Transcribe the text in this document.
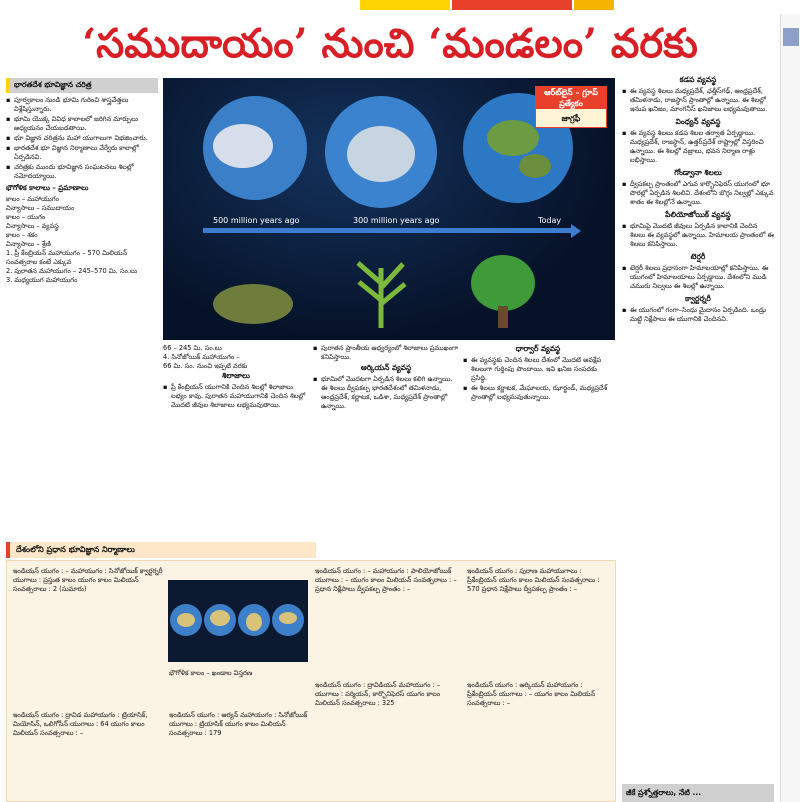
‘సముదాయం’ నుంచి ‘మండలం’ వరకు
భారతదేశ భూవిజ్ఞాన చరిత్ర

▪ పూర్వకాలం నుండి భూమి గురించి శాస్త్రవేత్తలు విశ్లేషిస్తున్నారు.

▪ భూమి యొక్క వివిధ కాలాలలో జరిగిన మార్పులు అధ్యయనం చేయబడతాయి.

▪ భూ విజ్ఞాన చరిత్రను మహా యుగాలుగా విభజించారు.

▪ భారతదేశ భూ విజ్ఞాన నిర్మాణాలు వేర్వేరు కాలాల్లో ఏర్పడినవి.

▪ చరిత్రకు ముందు భూవిజ్ఞాన సంఘటనలు శిలల్లో నమోదయ్యాయి.

భౌగోళిక కాలాలు – ప్రమాణాలు

కాలం – మహాయుగం

విన్యాసాలు – సముదాయం

కాలం – యుగం

విన్యాసాలు – వ్యవస్థ

కాలం – శకం

విన్యాసాలు – శ్రేణి

1. ప్రీ కేంబ్రియన్ మహాయుగం – 570 మిలియన్ సంవత్సరాల కంటే ఎక్కువ

2. పురాతన మహాయుగం – 245–570 మి. సం.లు

3. మధ్యయుగ మహాయుగం

ఆర్‌ట్‌లైన్ – గ్రూప్ ప్రత్యేకం
జాగ్రఫీ
500 million years ago	300 million years ago	Today

66 – 245 మి. సం.లు

4. సినోజోయిక్ మహాయుగం –

66 మి. సం. నుంచి ఇప్పటి వరకు

శిలాజాలు

▪ ప్రీ కేంబ్రియన్ యుగానికి చెందిన శిలల్లో శిలాజాలు లభ్యం కావు. పురాతన మహాయుగానికి చెందిన శిలల్లో మొదటి జీవుల శిలాజాలు లభ్యమవుతాయి.

▪ పురాతన ప్రాంతీయ ఆధ్వర్యంలో శిలాజాలు ప్రముఖంగా కనిపిస్తాయి.

ఆర్కియన్ వ్యవస్థ

▪ భూమిలో మొదటగా ఏర్పడిన శిలలు కలిగి ఉన్నాయి. ఈ శిలలు ద్వీపకల్ప భారతదేశంలో తమిళనాడు, ఆంధ్రప్రదేశ్, కర్ణాటక, ఒడిశా, మధ్యప్రదేశ్ ప్రాంతాల్లో ఉన్నాయి.

ధార్వార్ వ్యవస్థ

▪ ఈ వ్యవస్థకు చెందిన శిలలు దేశంలో మొదటి అవక్షేప శిలలుగా గుర్తింపు పొందాయి. ఇవి ఖనిజ సంపదకు ప్రసిద్ధి.

▪ ఈ శిలలు కర్ణాటక, మేఘాలయ, ఝార్ఖండ్, మధ్యప్రదేశ్ ప్రాంతాల్లో లభ్యమవుతున్నాయి.

దేశంలోని ప్రధాన భూవిజ్ఞాన నిర్మాణాలు
ఇండియన్ యుగం : – మహాయుగం : సినోజోయిక్ క్వార్టర్నరీ యుగాలు : ప్రస్తుత కాలం యుగం కాలం మిలియన్ సంవత్సరాలు : 2 (సుమారు)
ఇండియన్ యుగం : – మహాయుగం : పాలియోజోయిక్ యుగాలు : – యుగం కాలం మిలియన్ సంవత్సరాలు : – ప్రధాన నిక్షేపాలు ద్వీపకల్ప ప్రాంతం : –
ఇండియన్ యుగం : పురాణ మహాయుగాలు : ప్రీకేంబ్రియన్ యుగం కాలం మిలియన్ సంవత్సరాలు : 570 ప్రధాన నిక్షేపాలు ద్వీపకల్ప ప్రాంతం : –
ఇండియన్ యుగం : ద్రావిడ మహాయుగం : ట్రియాసిక్, మియోసిన్, ఒలిగోసీన్ యుగాలు : 64 యుగం కాలం మిలియన్ సంవత్సరాలు : –
ఇండియన్ యుగం : ఆర్యన్ మహాయుగం : సినోజోయిక్ యుగాలు : ట్రియాసిక్ యుగం కాలం మిలియన్ సంవత్సరాలు : 179
ఇండియన్ యుగం : ద్రావిడియన్ మహాయుగం : – యుగాలు : పర్మియన్, కార్బొనిఫెరస్ యుగం కాలం మిలియన్ సంవత్సరాలు : 325
ఇండియన్ యుగం : ఆర్కియన్ మహాయుగం : ప్రీకేంబ్రియన్ యుగాలు : – యుగం కాలం మిలియన్ సంవత్సరాలు : –
భౌగోళిక కాలం – ఖండాల విస్తరణ

కడప వ్యవస్థ

▪ ఈ వ్యవస్థ శిలలు మధ్యప్రదేశ్, ఛత్తీస్‌గఢ్, ఆంధ్రప్రదేశ్, తమిళనాడు, రాజస్థాన్ ప్రాంతాల్లో ఉన్నాయి. ఈ శిలల్లో ఇనుప ఖనిజం, మాంగనీస్ ఖనిజాలు లభ్యమవుతాయి.

వింధ్యన్ వ్యవస్థ

▪ ఈ వ్యవస్థ శిలలు కడప శిలల తర్వాత ఏర్పడ్డాయి. మధ్యప్రదేశ్, రాజస్థాన్, ఉత్తర్‌ప్రదేశ్ రాష్ట్రాల్లో విస్తరించి ఉన్నాయి. ఈ శిలల్లో వజ్రాలు, భవన నిర్మాణ రాళ్లు లభిస్తాయి.

గోండ్వానా శిలలు

▪ ద్వీపకల్ప ప్రాంతంలో ఎగువ కార్బొనిఫెరస్ యుగంలో భూ పొరల్లో ఏర్పడిన శిలలివి. దేశంలోని బొగ్గు నిల్వల్లో ఎక్కువ శాతం ఈ శిలల్లోనే ఉన్నాయి.

పేలియోజోయిక్ వ్యవస్థ

▪ భూమిపై మొదటి జీవులు ఏర్పడిన కాలానికి చెందిన శిలలు ఈ వ్యవస్థలో ఉన్నాయి. హిమాలయ ప్రాంతంలో ఈ శిలలు కనిపిస్తాయి.

టెర్షరీ

▪ టెర్షరీ శిలలు ప్రధానంగా హిమాలయాల్లో కనిపిస్తాయి. ఈ యుగంలో హిమాలయాలు ఏర్పడ్డాయి. దేశంలోని ముడి చమురు నిల్వలు ఈ శిలల్లో ఉన్నాయి.

క్వార్టర్నరీ

▪ ఈ యుగంలో గంగా–సింధు మైదానం ఏర్పడింది. ఒండ్రు మట్టి నిక్షేపాలు ఈ యుగానికి చెందినవి.

జీకే ప్రశ్నోత్తరాలు, నేటి ...
